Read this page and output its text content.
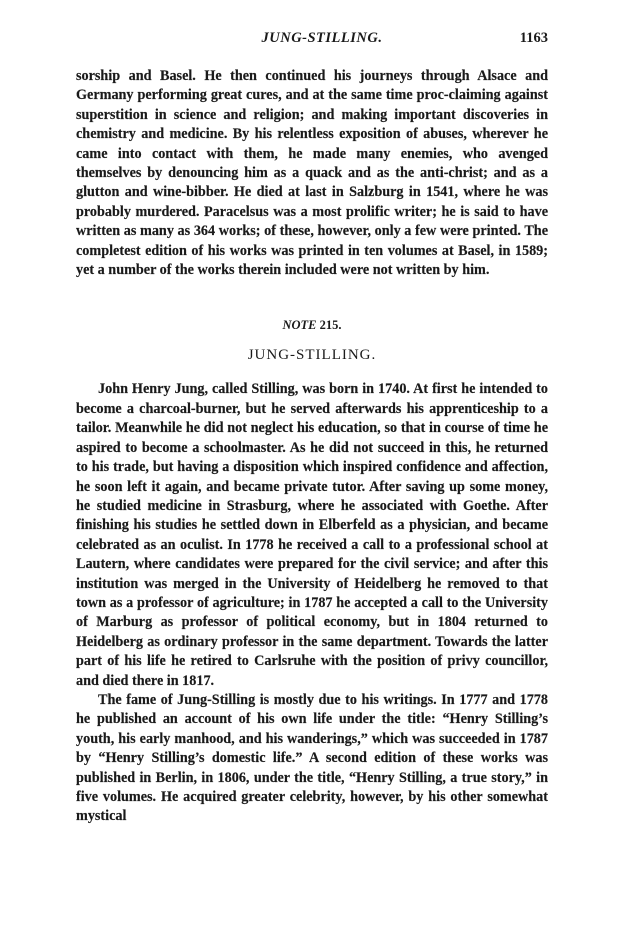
JUNG-STILLING.	1163

sorship and Basel. He then continued his journeys through Alsace and Germany performing great cures, and at the same time proc-claiming against superstition in science and religion; and making important discoveries in chemistry and medicine. By his relentless exposition of abuses, wherever he came into contact with them, he made many enemies, who avenged themselves by denouncing him as a quack and as the anti-christ; and as a glutton and wine-bibber. He died at last in Salzburg in 1541, where he was probably murdered. Paracelsus was a most prolific writer; he is said to have written as many as 364 works; of these, however, only a few were printed. The completest edition of his works was printed in ten volumes at Basel, in 1589; yet a number of the works therein included were not written by him.

NOTE 215.
JUNG-STILLING.

John Henry Jung, called Stilling, was born in 1740. At first he intended to become a charcoal-burner, but he served afterwards his apprenticeship to a tailor. Meanwhile he did not neglect his education, so that in course of time he aspired to become a schoolmaster. As he did not succeed in this, he returned to his trade, but having a disposition which inspired confidence and affection, he soon left it again, and became private tutor. After saving up some money, he studied medicine in Strasburg, where he associated with Goethe. After finishing his studies he settled down in Elberfeld as a physician, and became celebrated as an oculist. In 1778 he received a call to a professional school at Lautern, where candidates were prepared for the civil service; and after this institution was merged in the University of Heidelberg he removed to that town as a professor of agriculture; in 1787 he accepted a call to the University of Marburg as professor of political economy, but in 1804 returned to Heidelberg as ordinary professor in the same department. Towards the latter part of his life he retired to Carlsruhe with the position of privy councillor, and died there in 1817.

The fame of Jung-Stilling is mostly due to his writings. In 1777 and 1778 he published an account of his own life under the title: “Henry Stilling’s youth, his early manhood, and his wanderings,” which was succeeded in 1787 by “Henry Stilling’s domestic life.” A second edition of these works was published in Berlin, in 1806, under the title, “Henry Stilling, a true story,” in five volumes. He acquired greater celebrity, however, by his other somewhat mystical
